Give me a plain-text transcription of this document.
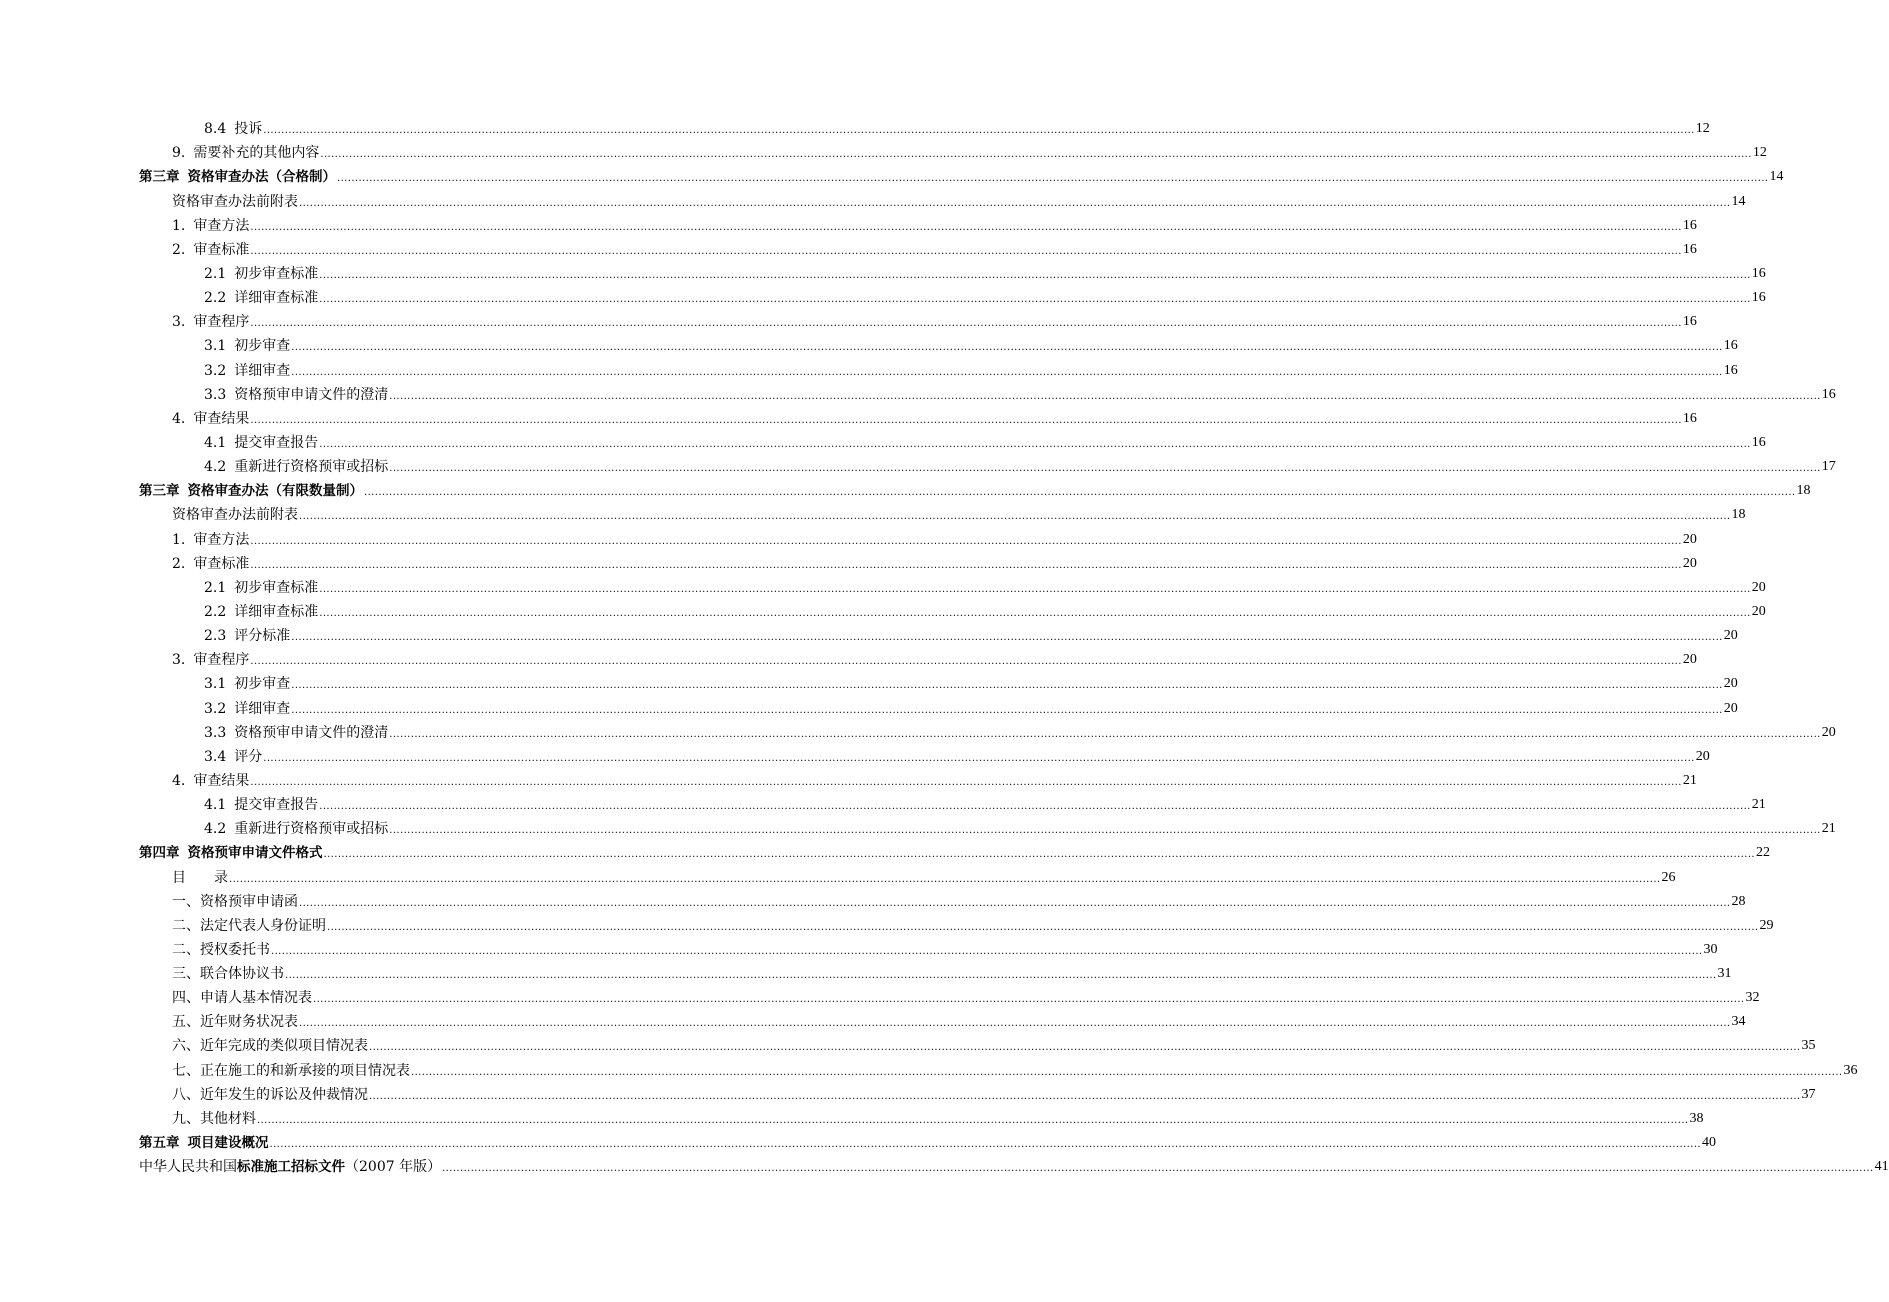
8.4 投诉 ................................................................................................................................................................................................................................................................................................................................................................................................................ 12
9. 需要补充的其他内容 ................................................................................................................................................................................................................................................................................................................................................................................................................ 12
第三章 资格审查办法（合格制） ................................................................................................................................................................................................................................................................................................................................................................................................................ 14
资格审查办法前附表 ................................................................................................................................................................................................................................................................................................................................................................................................................ 14
1. 审查方法 ................................................................................................................................................................................................................................................................................................................................................................................................................ 16
2. 审查标准 ................................................................................................................................................................................................................................................................................................................................................................................................................ 16
2.1 初步审查标准 ................................................................................................................................................................................................................................................................................................................................................................................................................ 16
2.2 详细审查标准 ................................................................................................................................................................................................................................................................................................................................................................................................................ 16
3. 审查程序 ................................................................................................................................................................................................................................................................................................................................................................................................................ 16
3.1 初步审查 ................................................................................................................................................................................................................................................................................................................................................................................................................ 16
3.2 详细审查 ................................................................................................................................................................................................................................................................................................................................................................................................................ 16
3.3 资格预审申请文件的澄清 ................................................................................................................................................................................................................................................................................................................................................................................................................ 16
4. 审查结果 ................................................................................................................................................................................................................................................................................................................................................................................................................ 16
4.1 提交审查报告 ................................................................................................................................................................................................................................................................................................................................................................................................................ 16
4.2 重新进行资格预审或招标 ................................................................................................................................................................................................................................................................................................................................................................................................................ 17
第三章 资格审查办法（有限数量制） ................................................................................................................................................................................................................................................................................................................................................................................................................ 18
资格审查办法前附表 ................................................................................................................................................................................................................................................................................................................................................................................................................ 18
1. 审查方法 ................................................................................................................................................................................................................................................................................................................................................................................................................ 20
2. 审查标准 ................................................................................................................................................................................................................................................................................................................................................................................................................ 20
2.1 初步审查标准 ................................................................................................................................................................................................................................................................................................................................................................................................................ 20
2.2 详细审查标准 ................................................................................................................................................................................................................................................................................................................................................................................................................ 20
2.3 评分标准 ................................................................................................................................................................................................................................................................................................................................................................................................................ 20
3. 审查程序 ................................................................................................................................................................................................................................................................................................................................................................................................................ 20
3.1 初步审查 ................................................................................................................................................................................................................................................................................................................................................................................................................ 20
3.2 详细审查 ................................................................................................................................................................................................................................................................................................................................................................................................................ 20
3.3 资格预审申请文件的澄清 ................................................................................................................................................................................................................................................................................................................................................................................................................ 20
3.4 评分 ................................................................................................................................................................................................................................................................................................................................................................................................................ 20
4. 审查结果 ................................................................................................................................................................................................................................................................................................................................................................................................................ 21
4.1 提交审查报告 ................................................................................................................................................................................................................................................................................................................................................................................................................ 21
4.2 重新进行资格预审或招标 ................................................................................................................................................................................................................................................................................................................................................................................................................ 21
第四章 资格预审申请文件格式 ................................................................................................................................................................................................................................................................................................................................................................................................................ 22
目　　录 ................................................................................................................................................................................................................................................................................................................................................................................................................ 26
一、资格预审申请函 ................................................................................................................................................................................................................................................................................................................................................................................................................ 28
二、法定代表人身份证明 ................................................................................................................................................................................................................................................................................................................................................................................................................ 29
二、授权委托书 ................................................................................................................................................................................................................................................................................................................................................................................................................ 30
三、联合体协议书 ................................................................................................................................................................................................................................................................................................................................................................................................................ 31
四、申请人基本情况表 ................................................................................................................................................................................................................................................................................................................................................................................................................ 32
五、近年财务状况表 ................................................................................................................................................................................................................................................................................................................................................................................................................ 34
六、近年完成的类似项目情况表 ................................................................................................................................................................................................................................................................................................................................................................................................................ 35
七、正在施工的和新承接的项目情况表 ................................................................................................................................................................................................................................................................................................................................................................................................................ 36
八、近年发生的诉讼及仲裁情况 ................................................................................................................................................................................................................................................................................................................................................................................................................ 37
九、其他材料 ................................................................................................................................................................................................................................................................................................................................................................................................................ 38
第五章 项目建设概况 ................................................................................................................................................................................................................................................................................................................................................................................................................ 40
中华人民共和国标准施工招标文件（2007 年版） ................................................................................................................................................................................................................................................................................................................................................................................................................ 41
